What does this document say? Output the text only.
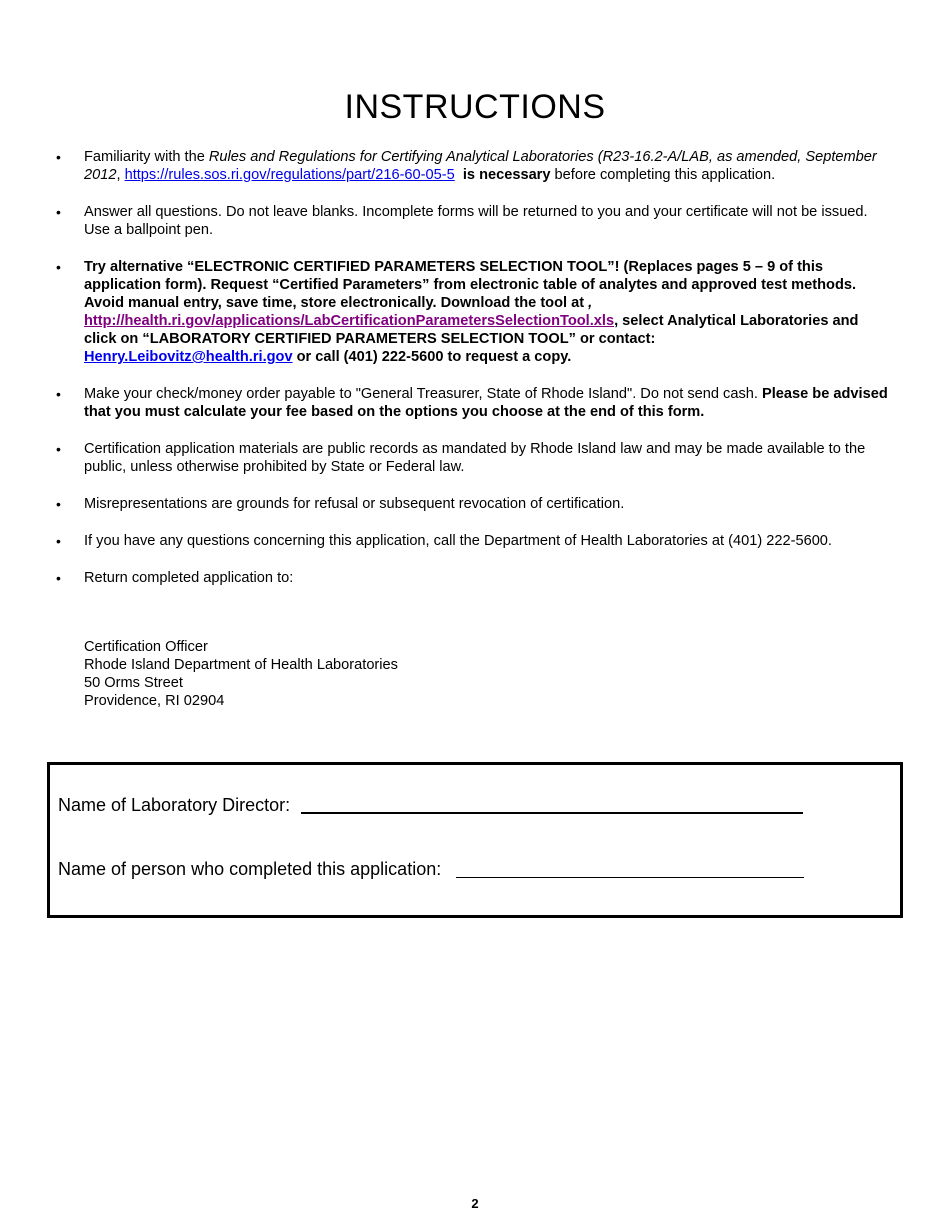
INSTRUCTIONS
• Familiarity with the Rules and Regulations for Certifying Analytical Laboratories (R23-16.2-A/LAB, as amended, September 2012, https://rules.sos.ri.gov/regulations/part/216-60-05-5 is necessary before completing this application.
• Answer all questions. Do not leave blanks. Incomplete forms will be returned to you and your certificate will not be issued. Use a ballpoint pen.
• Try alternative “ELECTRONIC CERTIFIED PARAMETERS SELECTION TOOL”! (Replaces pages 5 – 9 of this application form). Request “Certified Parameters” from electronic table of analytes and approved test methods. Avoid manual entry, save time, store electronically. Download the tool at ,
http://health.ri.gov/applications/LabCertificationParametersSelectionTool.xls, select Analytical Laboratories and click on “LABORATORY CERTIFIED PARAMETERS SELECTION TOOL” or contact:
Henry.Leibovitz@health.ri.gov or call (401) 222-5600 to request a copy.
• Make your check/money order payable to "General Treasurer, State of Rhode Island". Do not send cash. Please be advised that you must calculate your fee based on the options you choose at the end of this form.
• Certification application materials are public records as mandated by Rhode Island law and may be made available to the public, unless otherwise prohibited by State or Federal law.
• Misrepresentations are grounds for refusal or subsequent revocation of certification.
• If you have any questions concerning this application, call the Department of Health Laboratories at (401) 222-5600.
• Return completed application to:
Certification Officer
Rhode Island Department of Health Laboratories
50 Orms Street
Providence, RI 02904
Name of Laboratory Director:
Name of person who completed this application:
2
